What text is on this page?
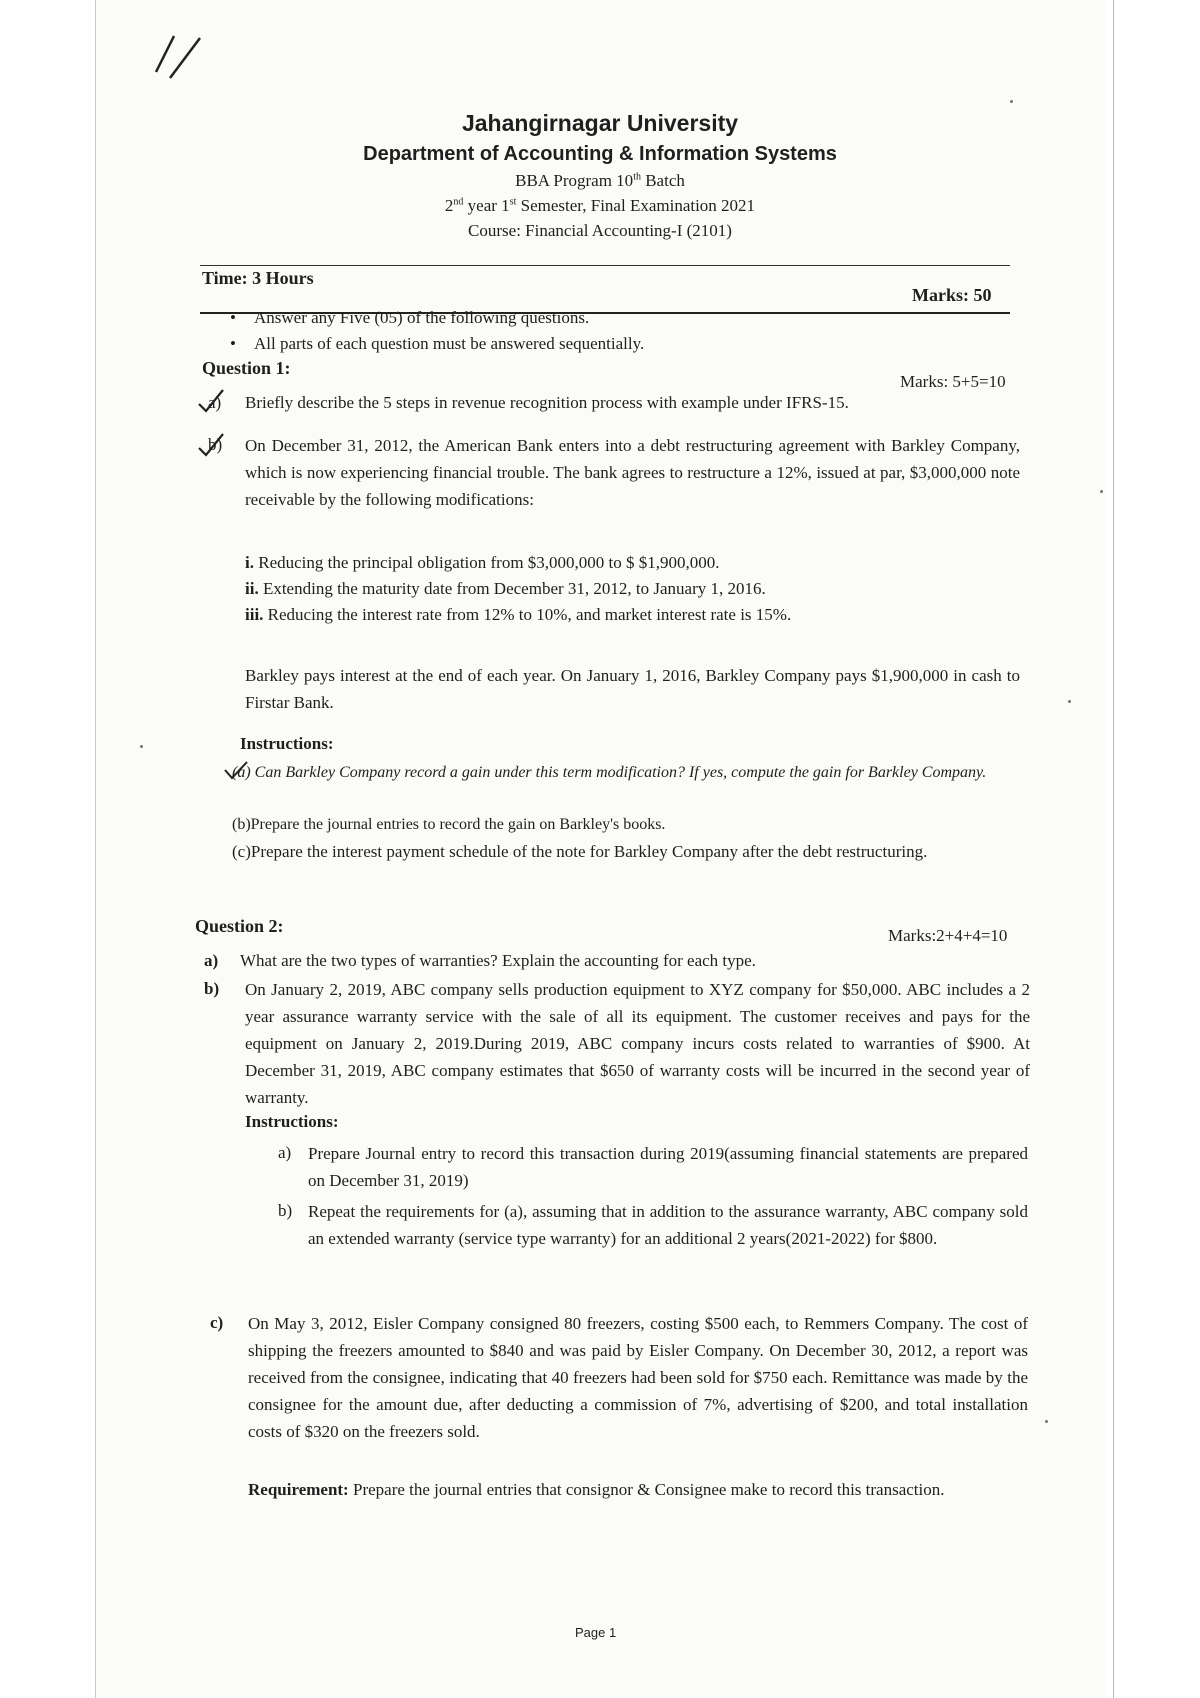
Jahangirnagar University

Department of Accounting & Information Systems

BBA Program 10th Batch

2nd year 1st Semester, Final Examination 2021

Course: Financial Accounting-I (2101)

Time: 3 Hours
Marks: 50
• Answer any Five (05) of the following questions.
• All parts of each question must be answered sequentially.
Question 1:
Marks: 5+5=10
a) Briefly describe the 5 steps in revenue recognition process with example under IFRS-15.
b) On December 31, 2012, the American Bank enters into a debt restructuring agreement with Barkley Company, which is now experiencing financial trouble. The bank agrees to restructure a 12%, issued at par, $3,000,000 note receivable by the following modifications:
i. Reducing the principal obligation from $3,000,000 to $ $1,900,000.
ii. Extending the maturity date from December 31, 2012, to January 1, 2016.
iii. Reducing the interest rate from 12% to 10%, and market interest rate is 15%.
Barkley pays interest at the end of each year. On January 1, 2016, Barkley Company pays $1,900,000 in cash to Firstar Bank.
Instructions:
(a) Can Barkley Company record a gain under this term modification? If yes, compute the gain for Barkley Company.
(b)Prepare the journal entries to record the gain on Barkley's books.
(c)Prepare the interest payment schedule of the note for Barkley Company after the debt restructuring.
Question 2:	Marks:2+4+4=10
a) What are the two types of warranties? Explain the accounting for each type.
b) On January 2, 2019, ABC company sells production equipment to XYZ company for $50,000. ABC includes a 2 year assurance warranty service with the sale of all its equipment. The customer receives and pays for the equipment on January 2, 2019.During 2019, ABC company incurs costs related to warranties of $900. At December 31, 2019, ABC company estimates that $650 of warranty costs will be incurred in the second year of warranty.
Instructions:
a) Prepare Journal entry to record this transaction during 2019(assuming financial statements are prepared on December 31, 2019)
b) Repeat the requirements for (a), assuming that in addition to the assurance warranty, ABC company sold an extended warranty (service type warranty) for an additional 2 years(2021-2022) for $800.
c) On May 3, 2012, Eisler Company consigned 80 freezers, costing $500 each, to Remmers Company. The cost of shipping the freezers amounted to $840 and was paid by Eisler Company. On December 30, 2012, a report was received from the consignee, indicating that 40 freezers had been sold for $750 each. Remittance was made by the consignee for the amount due, after deducting a commission of 7%, advertising of $200, and total installation costs of $320 on the freezers sold.
Requirement: Prepare the journal entries that consignor & Consignee make to record this transaction.
Page 1
